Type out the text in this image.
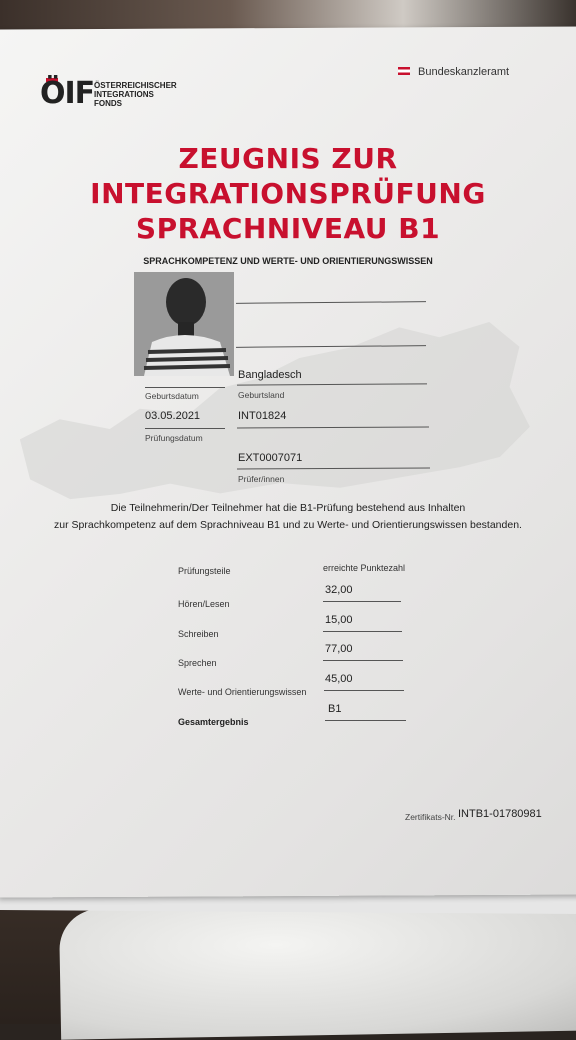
ÖIF ÖSTERREICHISCHER
INTEGRATIONS
FONDS
Bundeskanzleramt
ZEUGNIS ZUR
INTEGRATIONSPRÜFUNG
SPRACHNIVEAU B1
SPRACHKOMPETENZ UND WERTE- UND ORIENTIERUNGSWISSEN
Geburtsdatum
Bangladesch
Geburtsland
03.05.2021
Prüfungsdatum
INT01824
EXT0007071
Prüfer/innen
Die Teilnehmerin/Der Teilnehmer hat die B1-Prüfung bestehend aus Inhalten
zur Sprachkompetenz auf dem Sprachniveau B1 und zu Werte- und Orientierungswissen bestanden.
Prüfungsteile	erreichte Punktezahl
32,00
Hören/Lesen
15,00
Schreiben
77,00
Sprechen
45,00
Werte- und Orientierungswissen
B1
Gesamtergebnis
Zertifikats-Nr. INTB1-01780981
